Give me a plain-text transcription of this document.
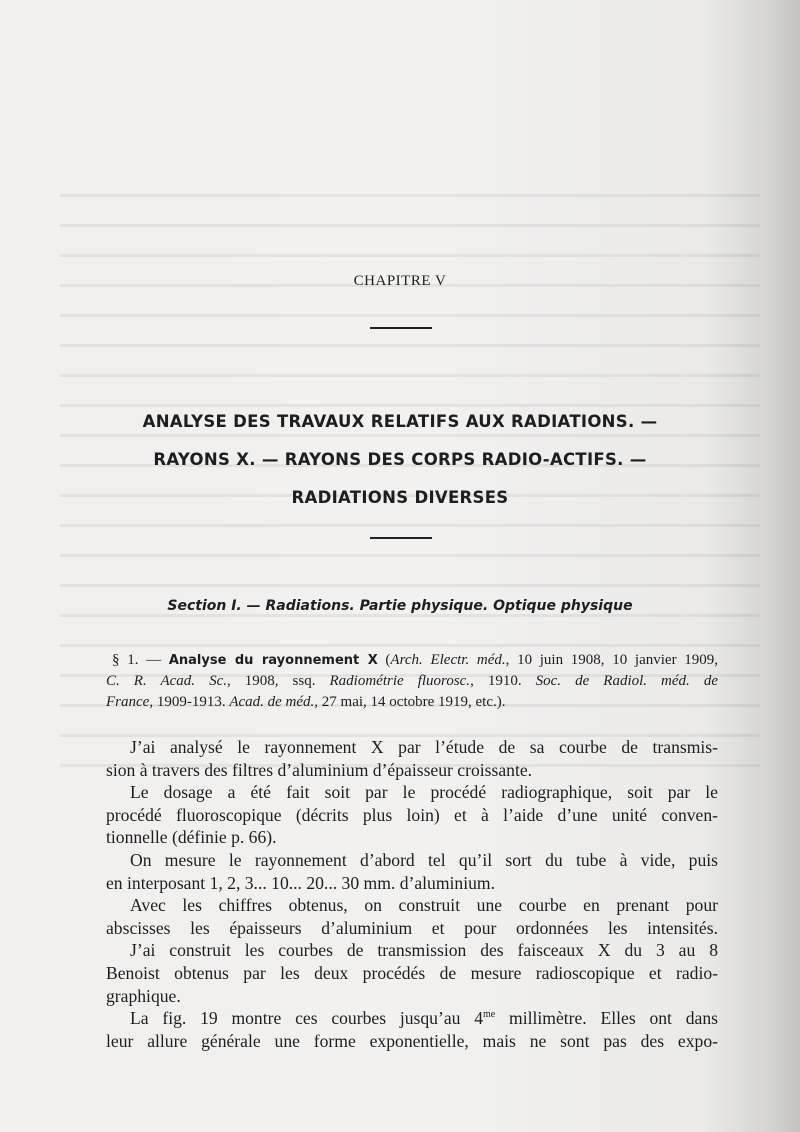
CHAPITRE V
ANALYSE DES TRAVAUX RELATIFS AUX RADIATIONS. —
RAYONS X. — RAYONS DES CORPS RADIO-ACTIFS. —
RADIATIONS DIVERSES
Section I. — Radiations. Partie physique. Optique physique
§ 1. — Analyse du rayonnement X (Arch. Electr. méd., 10 juin 1908, 10 janvier 1909,
C. R. Acad. Sc., 1908, ssq. Radiométrie fluorosc., 1910. Soc. de Radiol. méd. de
France, 1909-1913. Acad. de méd., 27 mai, 14 octobre 1919, etc.).
J’ai analysé le rayonnement X par l’étude de sa courbe de transmis-
sion à travers des filtres d’aluminium d’épaisseur croissante.
Le dosage a été fait soit par le procédé radiographique, soit par le
procédé fluoroscopique (décrits plus loin) et à l’aide d’une unité conven-
tionnelle (définie p. 66).
On mesure le rayonnement d’abord tel qu’il sort du tube à vide, puis
en interposant 1, 2, 3... 10... 20... 30 mm. d’aluminium.
Avec les chiffres obtenus, on construit une courbe en prenant pour
abscisses les épaisseurs d’aluminium et pour ordonnées les intensités.
J’ai construit les courbes de transmission des faisceaux X du 3 au 8
Benoist obtenus par les deux procédés de mesure radioscopique et radio-
graphique.
La fig. 19 montre ces courbes jusqu’au $4^{me}$ millimètre. Elles ont dans
leur allure générale une forme exponentielle, mais ne sont pas des expo-
